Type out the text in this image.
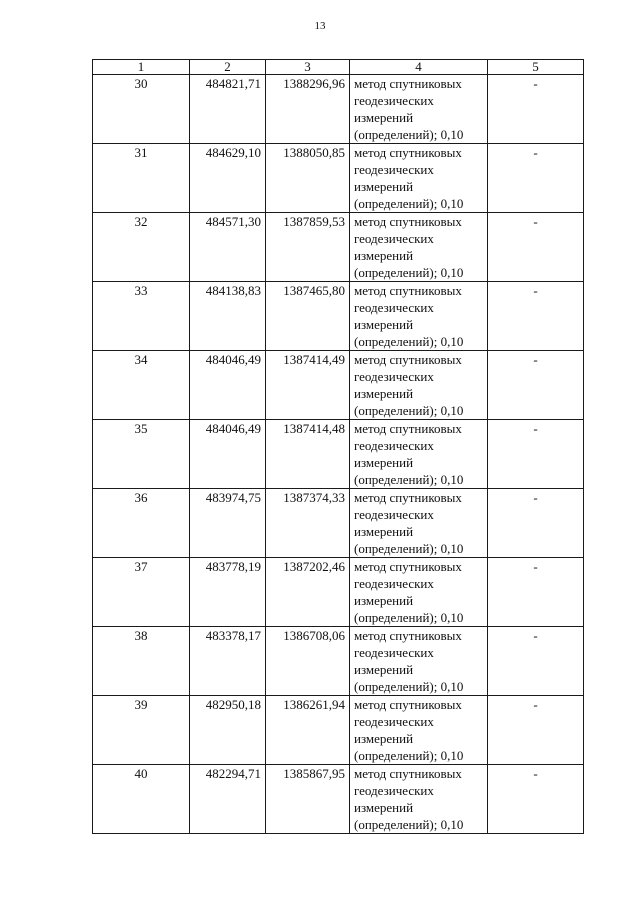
13
1	2	3	4	5
30	484821,71	1388296,96	метод спутниковых
геодезических
измерений
(определений); 0,10	-
31	484629,10	1388050,85	метод спутниковых
геодезических
измерений
(определений); 0,10	-
32	484571,30	1387859,53	метод спутниковых
геодезических
измерений
(определений); 0,10	-
33	484138,83	1387465,80	метод спутниковых
геодезических
измерений
(определений); 0,10	-
34	484046,49	1387414,49	метод спутниковых
геодезических
измерений
(определений); 0,10	-
35	484046,49	1387414,48	метод спутниковых
геодезических
измерений
(определений); 0,10	-
36	483974,75	1387374,33	метод спутниковых
геодезических
измерений
(определений); 0,10	-
37	483778,19	1387202,46	метод спутниковых
геодезических
измерений
(определений); 0,10	-
38	483378,17	1386708,06	метод спутниковых
геодезических
измерений
(определений); 0,10	-
39	482950,18	1386261,94	метод спутниковых
геодезических
измерений
(определений); 0,10	-
40	482294,71	1385867,95	метод спутниковых
геодезических
измерений
(определений); 0,10	-
